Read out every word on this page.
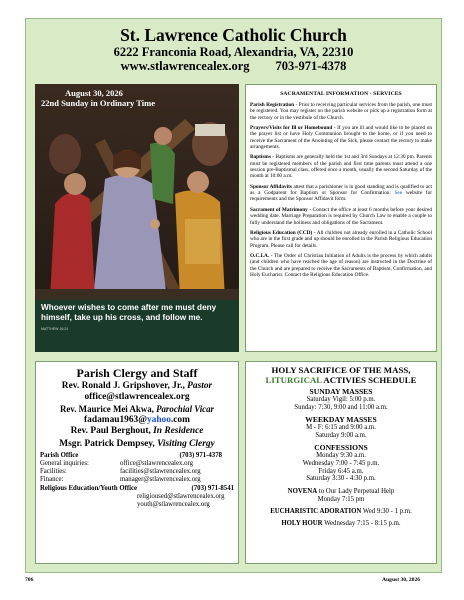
St. Lawrence Catholic Church
6222 Franconia Road, Alexandria, VA, 22310
www.stlawrencealex.org 703-971-4378
August 30, 2026
22nd Sunday in Ordinary Time
Whoever wishes to come after me must deny
himself, take up his cross, and follow me.
MATTHEW 16:24
SACRAMENTAL INFORMATION - SERVICES

Parish Registration - Prior to receiving particular services from the parish, one must be registered. You may register on the parish website or pick up a registration form at the rectory or in the vestibule of the Church.

Prayers/Visits for Ill or Homebound - If you are ill and would like to be placed on the prayer list or have Holy Communion brought to the home, or if you need to receive the Sacrament of the Anointing of the Sick, please contact the rectory to make arrangements.

Baptisms - Baptisms are generally held the 1st and 3rd Sundays at 12:30 pm. Parents must be registered members of the parish and first time parents must attend a one session pre-Baptismal class, offered once a month, usually the second Saturday of the month at 10:00 a.m.

Sponsor Affidavits attest that a parishioner is in good standing and is qualified to act as a Godparent for Baptism or Sponsor for Confirmation. See website for requirements and the Sponsor Affidavit form.

Sacrament of Matrimony - Contact the office at least 6 months before your desired wedding date. Marriage Preparation is required by Church Law to enable a couple to fully understand the holiness and obligations of the Sacrament.

Religious Education (CCD) - All children not already enrolled in a Catholic School who are in the first grade and up should be enrolled in the Parish Religious Education Program. Please call for details.

O.C.I.A. - The Order of Christian Initiation of Adults is the process by which adults (and children who have reached the age of reason) are instructed in the Doctrine of the Church and are prepared to receive the Sacraments of Baptism, Confirmation, and Holy Eucharist. Contact the Religious Education Office.

Parish Clergy and Staff
Rev. Ronald J. Gripshover, Jr., Pastor
office@stlawrencealex.org
Rev. Maurice Mei Akwa, Parochial Vicar
fadamau1963@yahoo.com
Rev. Paul Berghout, In Residence
Msgr. Patrick Dempsey, Visiting Clergy
Parish Office	(703) 971-4378
General inquiries:	office@stlawrencealex.org
Facilities:	facilities@stlawrencealex.org
Finance:	manager@stlawrencealex.org
Religious Education/Youth Office	(703) 971-8541
religioused@stlawrencealex.org
youth@stlawrencealex.org
HOLY SACRIFICE OF THE MASS,
LITURGICAL ACTIVIES SCHEDULE
SUNDAY MASSES
Saturday Vigil: 5:00 p.m.
Sunday: 7:30, 9:00 and 11:00 a.m.
WEEKDAY MASSES
M - F: 6:15 and 9:00 a.m.
Saturday 9:00 a.m.
CONFESSIONS
Monday 9:30 a.m.
Wednesday 7:00 - 7:45 p.m.
Friday 6:45 a.m.
Saturday 3:30 - 4:30 p.m.
NOVENA to Our Lady Perpetual Help
Monday 7:15 pm
EUCHARISTIC ADORATION Wed 9:30 - 1 p.m.
HOLY HOUR Wednesday 7:15 - 8:15 p.m.
706	August 30, 2026
